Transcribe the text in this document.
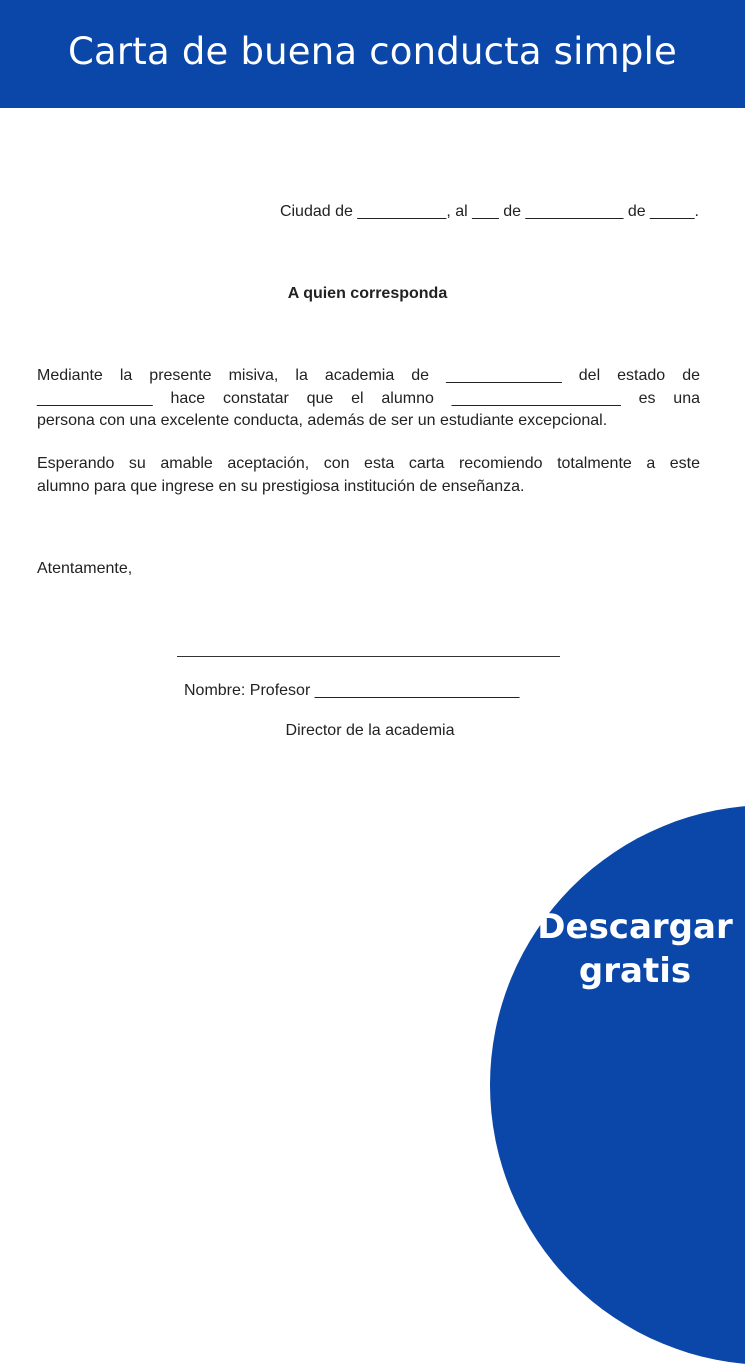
Carta de buena conducta simple
Ciudad de __________, al ___ de ___________ de _____.
A quien corresponda
Mediante la presente misiva, la academia de _____________ del estado de
_____________ hace constatar que el alumno ___________________ es una
persona con una excelente conducta, además de ser un estudiante excepcional.
Esperando su amable aceptación, con esta carta recomiendo totalmente a este
alumno para que ingrese en su prestigiosa institución de enseñanza.
Atentamente,
Nombre: Profesor _______________________
Director de la academia
Descargar
gratis
